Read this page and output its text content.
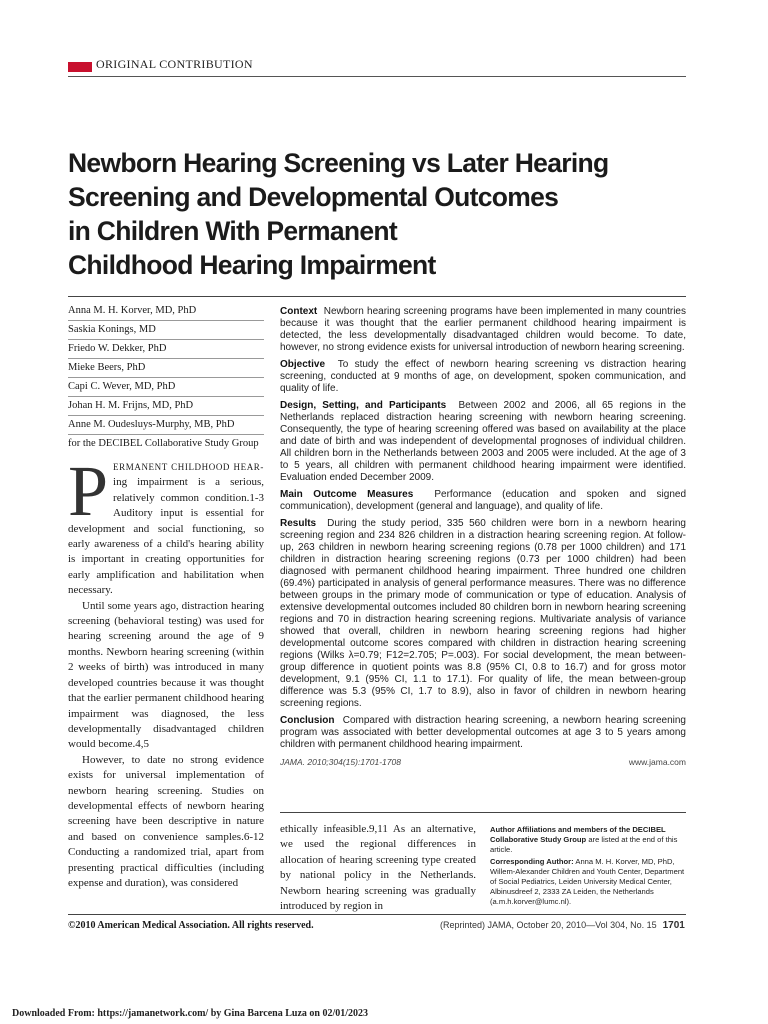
ORIGINAL CONTRIBUTION
Newborn Hearing Screening vs Later Hearing
Screening and Developmental Outcomes
in Children With Permanent
Childhood Hearing Impairment
Anna M. H. Korver, MD, PhD
Saskia Konings, MD
Friedo W. Dekker, PhD
Mieke Beers, PhD
Capi C. Wever, MD, PhD
Johan H. M. Frijns, MD, PhD
Anne M. Oudesluys-Murphy, MB, PhD
for the DECIBEL Collaborative Study Group

PERMANENT CHILDHOOD HEAR- ing impairment is a serious, relatively common condition.1-3 Auditory input is essential for development and social functioning, so early awareness of a child's hearing ability is important in creating opportunities for early amplification and habilitation when necessary.

Until some years ago, distraction hearing screening (behavioral testing) was used for hearing screening around the age of 9 months. Newborn hearing screening (within 2 weeks of birth) was introduced in many developed countries because it was thought that the earlier permanent childhood hearing impairment was diagnosed, the less developmentally disadvantaged children would become.4,5

However, to date no strong evidence exists for universal implementation of newborn hearing screening. Studies on developmental effects of newborn hearing screening have been descriptive in nature and based on convenience samples.6-12 Conducting a randomized trial, apart from presenting practical difficulties (including expense and duration), was considered

Context Newborn hearing screening programs have been implemented in many countries because it was thought that the earlier permanent childhood hearing impairment is detected, the less developmentally disadvantaged children would become. To date, however, no strong evidence exists for universal introduction of newborn hearing screening.

Objective To study the effect of newborn hearing screening vs distraction hearing screening, conducted at 9 months of age, on development, spoken communication, and quality of life.

Design, Setting, and Participants Between 2002 and 2006, all 65 regions in the Netherlands replaced distraction hearing screening with newborn hearing screening. Consequently, the type of hearing screening offered was based on availability at the place and date of birth and was independent of developmental prognoses of individual children. All children born in the Netherlands between 2003 and 2005 were included. At the age of 3 to 5 years, all children with permanent childhood hearing impairment were identified. Evaluation ended December 2009.

Main Outcome Measures Performance (education and spoken and signed communication), development (general and language), and quality of life.

Results During the study period, 335 560 children were born in a newborn hearing screening region and 234 826 children in a distraction hearing screening region. At follow-up, 263 children in newborn hearing screening regions (0.78 per 1000 children) and 171 children in distraction hearing screening regions (0.73 per 1000 children) had been diagnosed with permanent childhood hearing impairment. Three hundred one children (69.4%) participated in analysis of general performance measures. There was no difference between groups in the primary mode of communication or type of education. Analysis of extensive developmental outcomes included 80 children born in newborn hearing screening regions and 70 in distraction hearing screening regions. Multivariate analysis of variance showed that overall, children in newborn hearing screening regions had higher developmental outcome scores compared with children in distraction hearing screening regions (Wilks λ=0.79; F12=2.705; P=.003). For social development, the mean between-group difference in quotient points was 8.8 (95% CI, 0.8 to 16.7) and for gross motor development, 9.1 (95% CI, 1.1 to 17.1). For quality of life, the mean between-group difference was 5.3 (95% CI, 1.7 to 8.9), also in favor of children in newborn hearing screening regions.

Conclusion Compared with distraction hearing screening, a newborn hearing screening program was associated with better developmental outcomes at age 3 to 5 years among children with permanent childhood hearing impairment.

JAMA. 2010;304(15):1701-1708	www.jama.com

ethically infeasible.9,11 As an alternative, we used the regional differences in allocation of hearing screening type created by national policy in the Netherlands. Newborn hearing screening was gradually introduced by region in

Author Affiliations and members of the DECIBEL Collaborative Study Group are listed at the end of this article.

Corresponding Author: Anna M. H. Korver, MD, PhD, Willem-Alexander Children and Youth Center, Department of Social Pediatrics, Leiden University Medical Center, Albinusdreef 2, 2333 ZA Leiden, the Netherlands (a.m.h.korver@lumc.nl).

©2010 American Medical Association. All rights reserved.	(Reprinted) JAMA, October 20, 2010—Vol 304, No. 15 1701
Downloaded From: https://jamanetwork.com/ by Gina Barcena Luza on 02/01/2023
